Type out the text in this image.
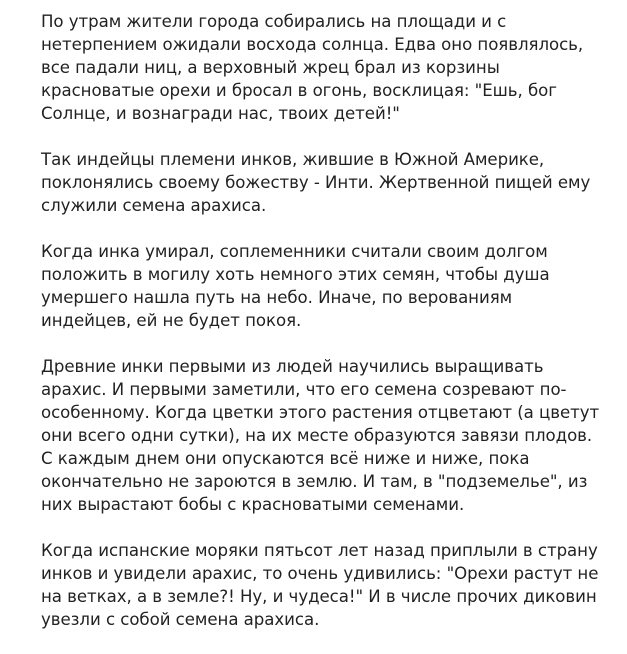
По утрам жители города собирались на площади и с
нетерпением ожидали восхода солнца. Едва оно появлялось,
все падали ниц, а верховный жрец брал из корзины
красноватые орехи и бросал в огонь, восклицая: "Ешь, бог
Солнце, и вознагради нас, твоих детей!"

Так индейцы племени инков, жившие в Южной Америке,
поклонялись своему божеству - Инти. Жертвенной пищей ему
служили семена арахиса.

Когда инка умирал, соплеменники считали своим долгом
положить в могилу хоть немного этих семян, чтобы душа
умершего нашла путь на небо. Иначе, по верованиям
индейцев, ей не будет покоя.

Древние инки первыми из людей научились выращивать
арахис. И первыми заметили, что его семена созревают по-
особенному. Когда цветки этого растения отцветают (а цветут
они всего одни сутки), на их месте образуются завязи плодов.
С каждым днем они опускаются всё ниже и ниже, пока
окончательно не зароются в землю. И там, в "подземелье", из
них вырастают бобы с красноватыми семенами.

Когда испанские моряки пятьсот лет назад приплыли в страну
инков и увидели арахис, то очень удивились: "Орехи растут не
на ветках, а в земле?! Ну, и чудеса!" И в числе прочих диковин
увезли с собой семена арахиса.
